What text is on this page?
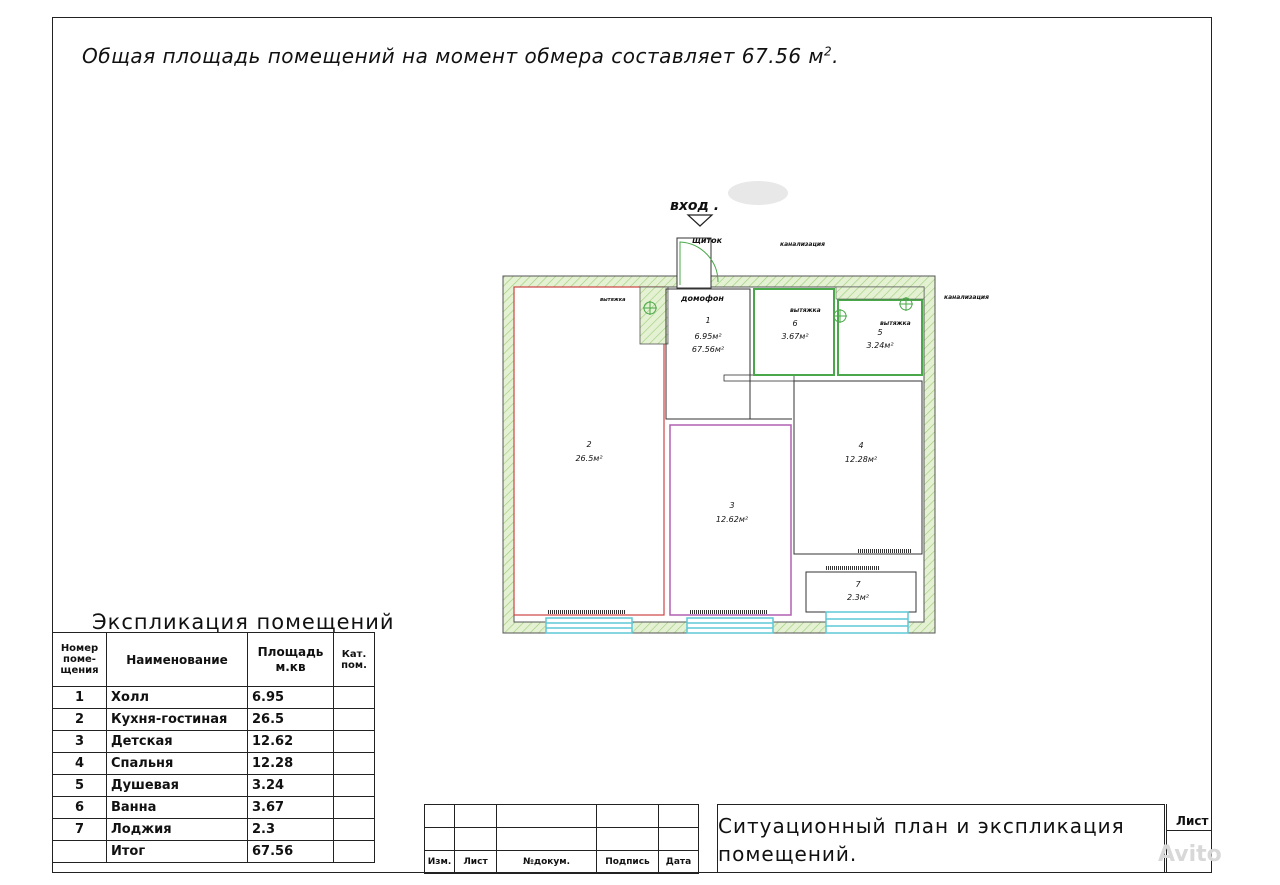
Общая площадь помещений на момент обмера составляет 67.56 $м^2$.
вход .
щиток	канализация
канализация
домофон
вытяжка
вытяжка
вытяжка
1
6.95м²
67.56м²
2
26.5м²
3
12.62м²
4
12.28м²
5
3.24м²
6
3.67м²
7
2.3м²
Экспликация помещений
Номер поме- щения	Наименование	Площадь м.кв	Кат. пом.
1	Холл	6.95	
2	Кухня-гостиная	26.5	
3	Детская	12.62	
4	Спальня	12.28	
5	Душевая	3.24	
6	Ванна	3.67	
7	Лоджия	2.3	
	Итог	67.56	

Изм.	Лист	№докум.	Подпись	Дата
Ситуационный план и экспликация
помещений.
Лист
Avito
